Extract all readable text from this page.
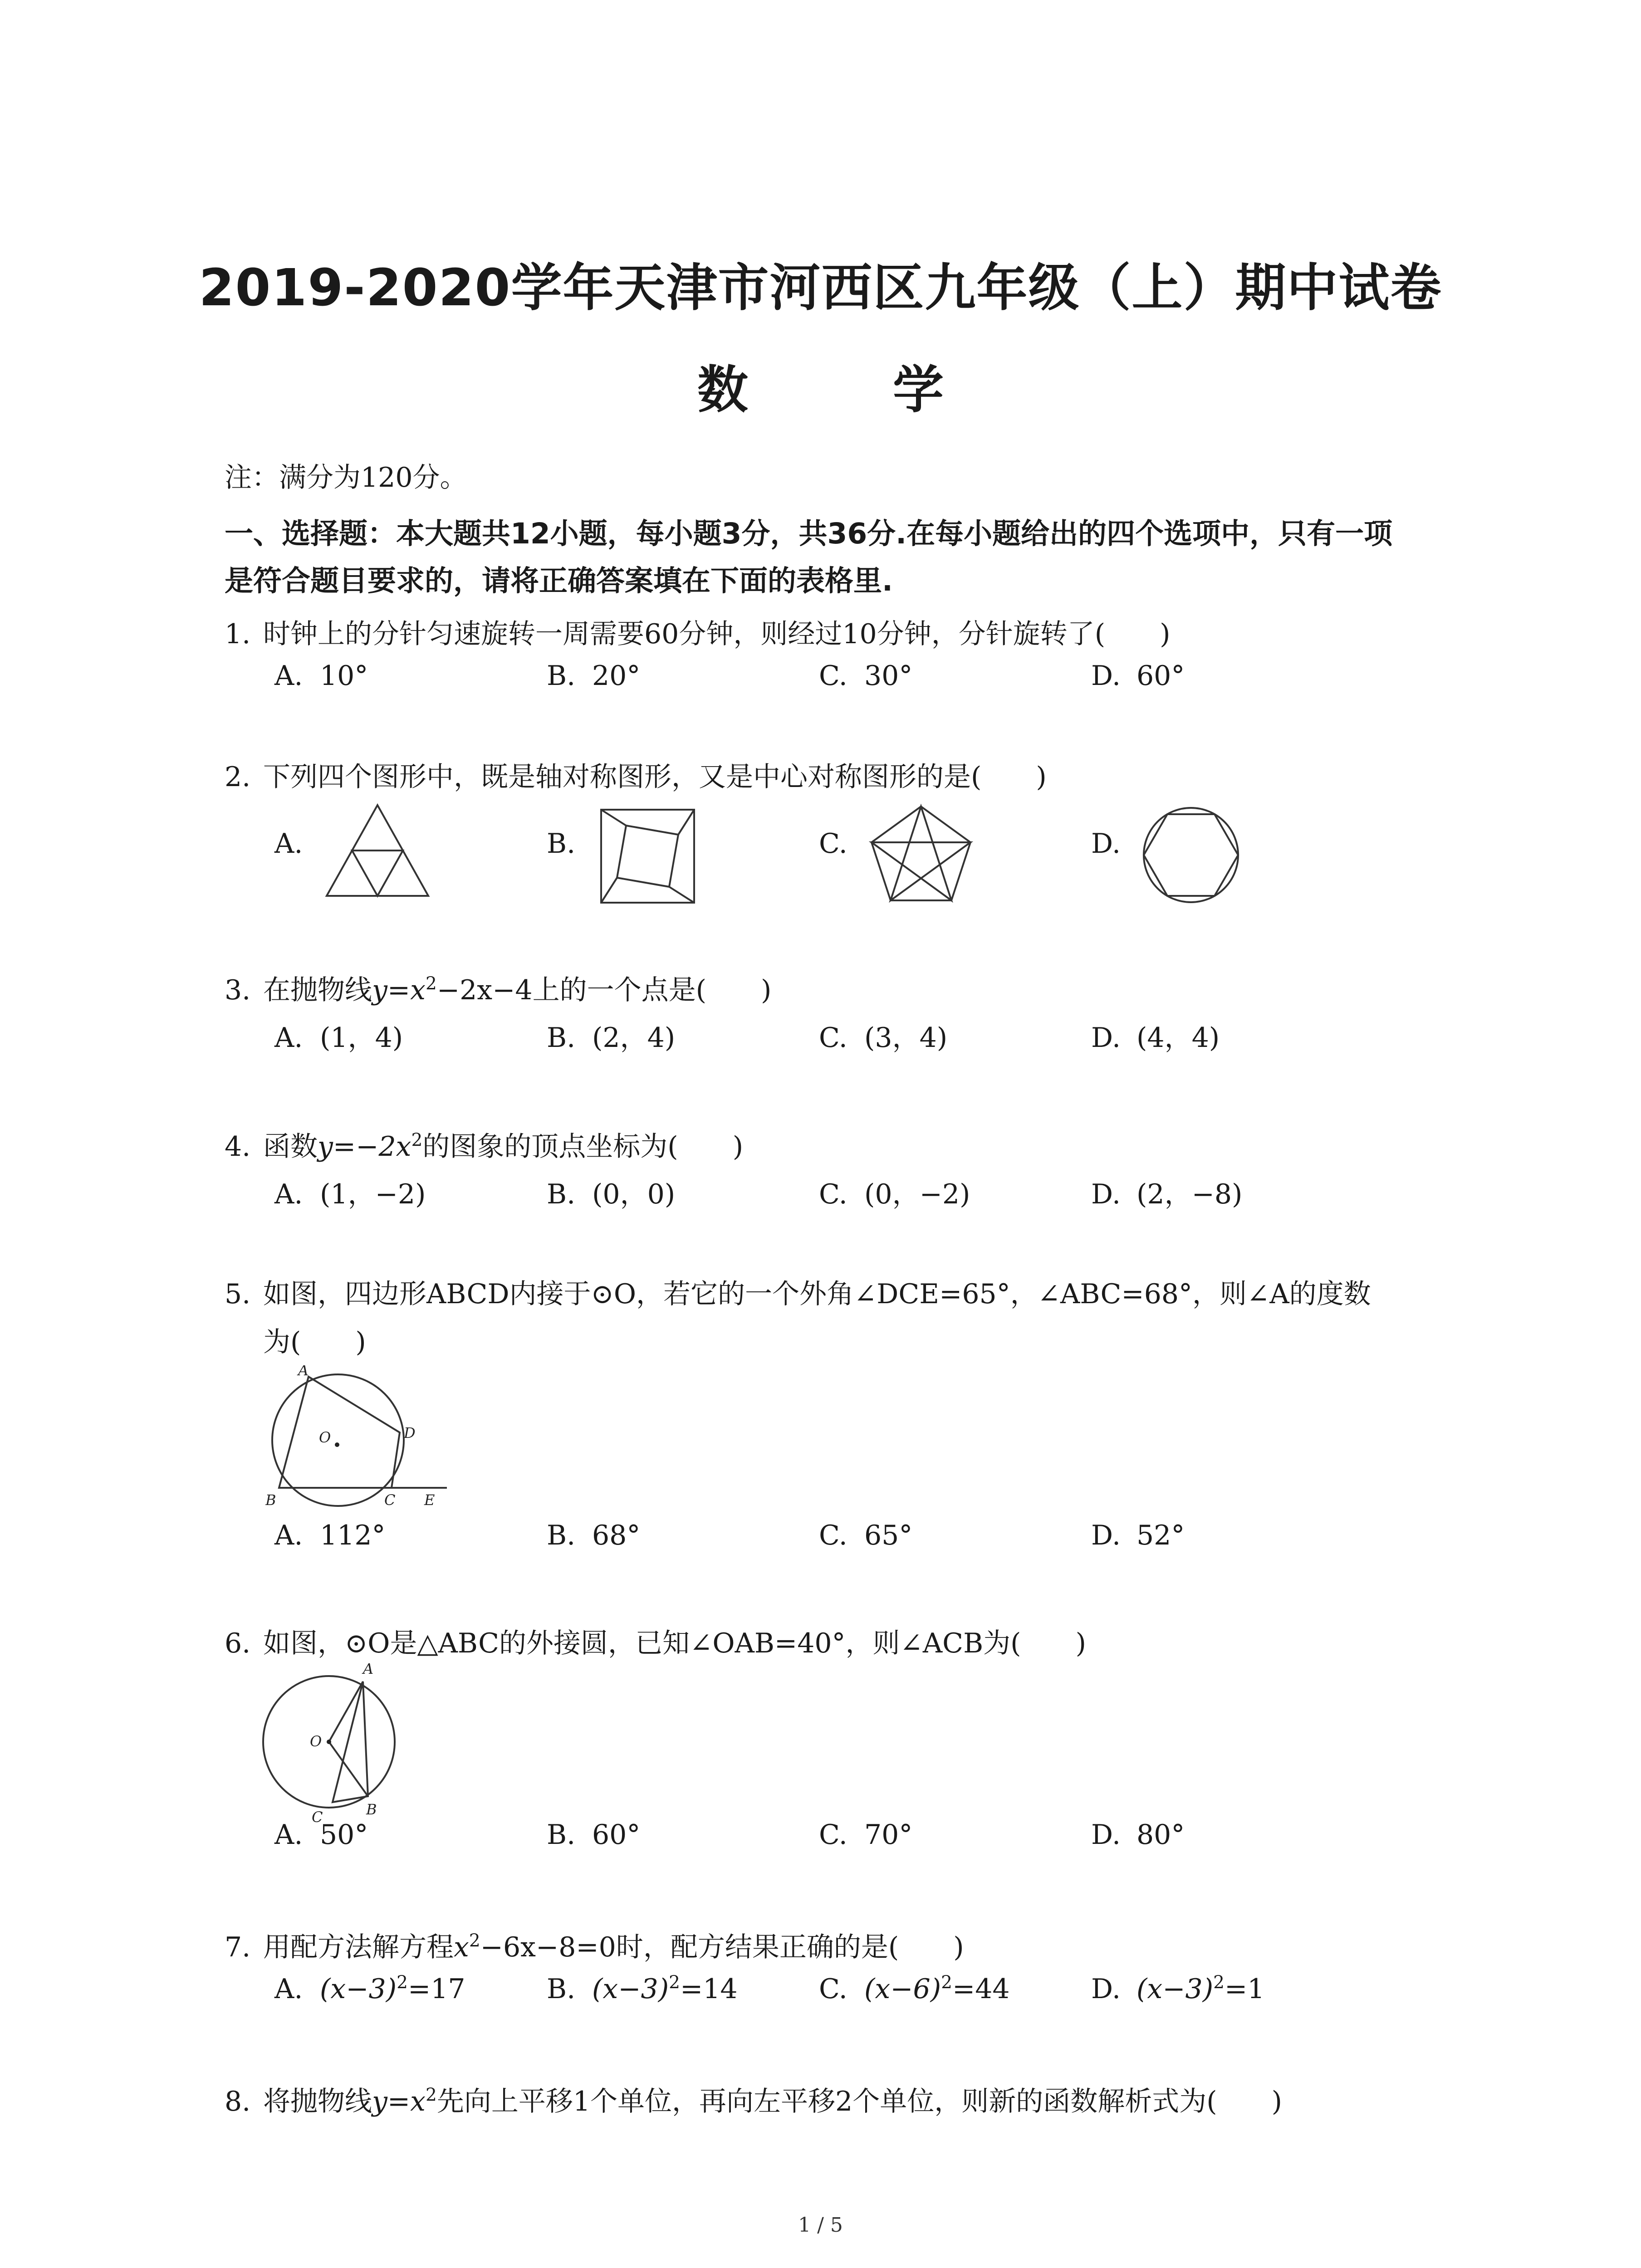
2019-2020学年天津市河西区九年级（上）期中试卷
数 学
注：满分为120分。
一、选择题：本大题共12小题，每小题3分，共36分.在每小题给出的四个选项中，只有一项
是符合题目要求的，请将正确答案填在下面的表格里.
1. 时钟上的分针匀速旋转一周需要60分钟，则经过10分钟，分针旋转了(　　)
A. 10°	B. 20°	C. 30°	D. 60°
2. 下列四个图形中，既是轴对称图形，又是中心对称图形的是(　　)
A.	B.	C.	D.
3. 在抛物线$y=x^2-2x-4$上的一个点是(　　)
A. (1，4)	B. (2，4)	C. (3，4)	D. (4，4)
4. 函数$y=-2x^2$的图象的顶点坐标为(　　)
A. (1，−2)	B. (0，0)	C. (0，−2)	D. (2，−8)
5. 如图，四边形ABCD内接于⊙O，若它的一个外角∠DCE=65°，∠ABC=68°，则∠A的度数
为(　　)
A
B	C
D
E
O
A. 112°	B. 68°	C. 65°	D. 52°
6. 如图，⊙O是△ABC的外接圆，已知∠OAB=40°，则∠ACB为(　　)
A
B
C
O
A. 50°	B. 60°	C. 70°	D. 80°
7. 用配方法解方程$x^2-6x-8=0$时，配方结果正确的是(　　)
A. $(x-3)^2=17$	B. $(x-3)^2=14$	C. $(x-6)^2=44$	D. $(x-3)^2=1$
8. 将抛物线$y=x^2$先向上平移1个单位，再向左平移2个单位，则新的函数解析式为(　　)
1 / 5
